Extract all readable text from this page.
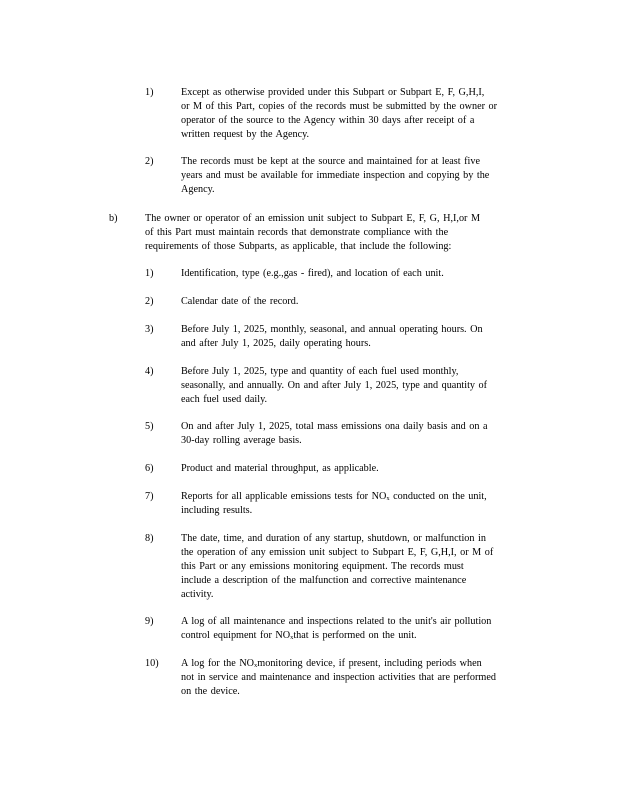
1)	Except as otherwise provided under this Subpart or Subpart E, F, G,H,I,
or M of this Part, copies of the records must be submitted by the owner or
operator of the source to the Agency within 30 days after receipt of a
written request by the Agency.
2)	The records must be kept at the source and maintained for at least five
years and must be available for immediate inspection and copying by the
Agency.
b)	The owner or operator of an emission unit subject to Subpart E, F, G, H,I,or M
of this Part must maintain records that demonstrate compliance with the
requirements of those Subparts, as applicable, that include the following:
1)	Identification, type (e.g.,gas - fired), and location of each unit.
2)	Calendar date of the record.
3)	Before July 1, 2025, monthly, seasonal, and annual operating hours. On
and after July 1, 2025, daily operating hours.
4)	Before July 1, 2025, type and quantity of each fuel used monthly,
seasonally, and annually. On and after July 1, 2025, type and quantity of
each fuel used daily.
5)	On and after July 1, 2025, total mass emissions ona daily basis and on a
30-day rolling average basis.
6)	Product and material throughput, as applicable.
7)	Reports for all applicable emissions tests for $NO_x$ conducted on the unit,
including results.
8)	The date, time, and duration of any startup, shutdown, or malfunction in
the operation of any emission unit subject to Subpart E, F, G,H,I, or M of
this Part or any emissions monitoring equipment. The records must
include a description of the malfunction and corrective maintenance
activity.
9)	A log of all maintenance and inspections related to the unit's air pollution
control equipment for $NO_xthat$ is performed on the unit.
10) A log for the $NO_xmonitoring$ device, if present, including periods when
not in service and maintenance and inspection activities that are performed
on the device.
